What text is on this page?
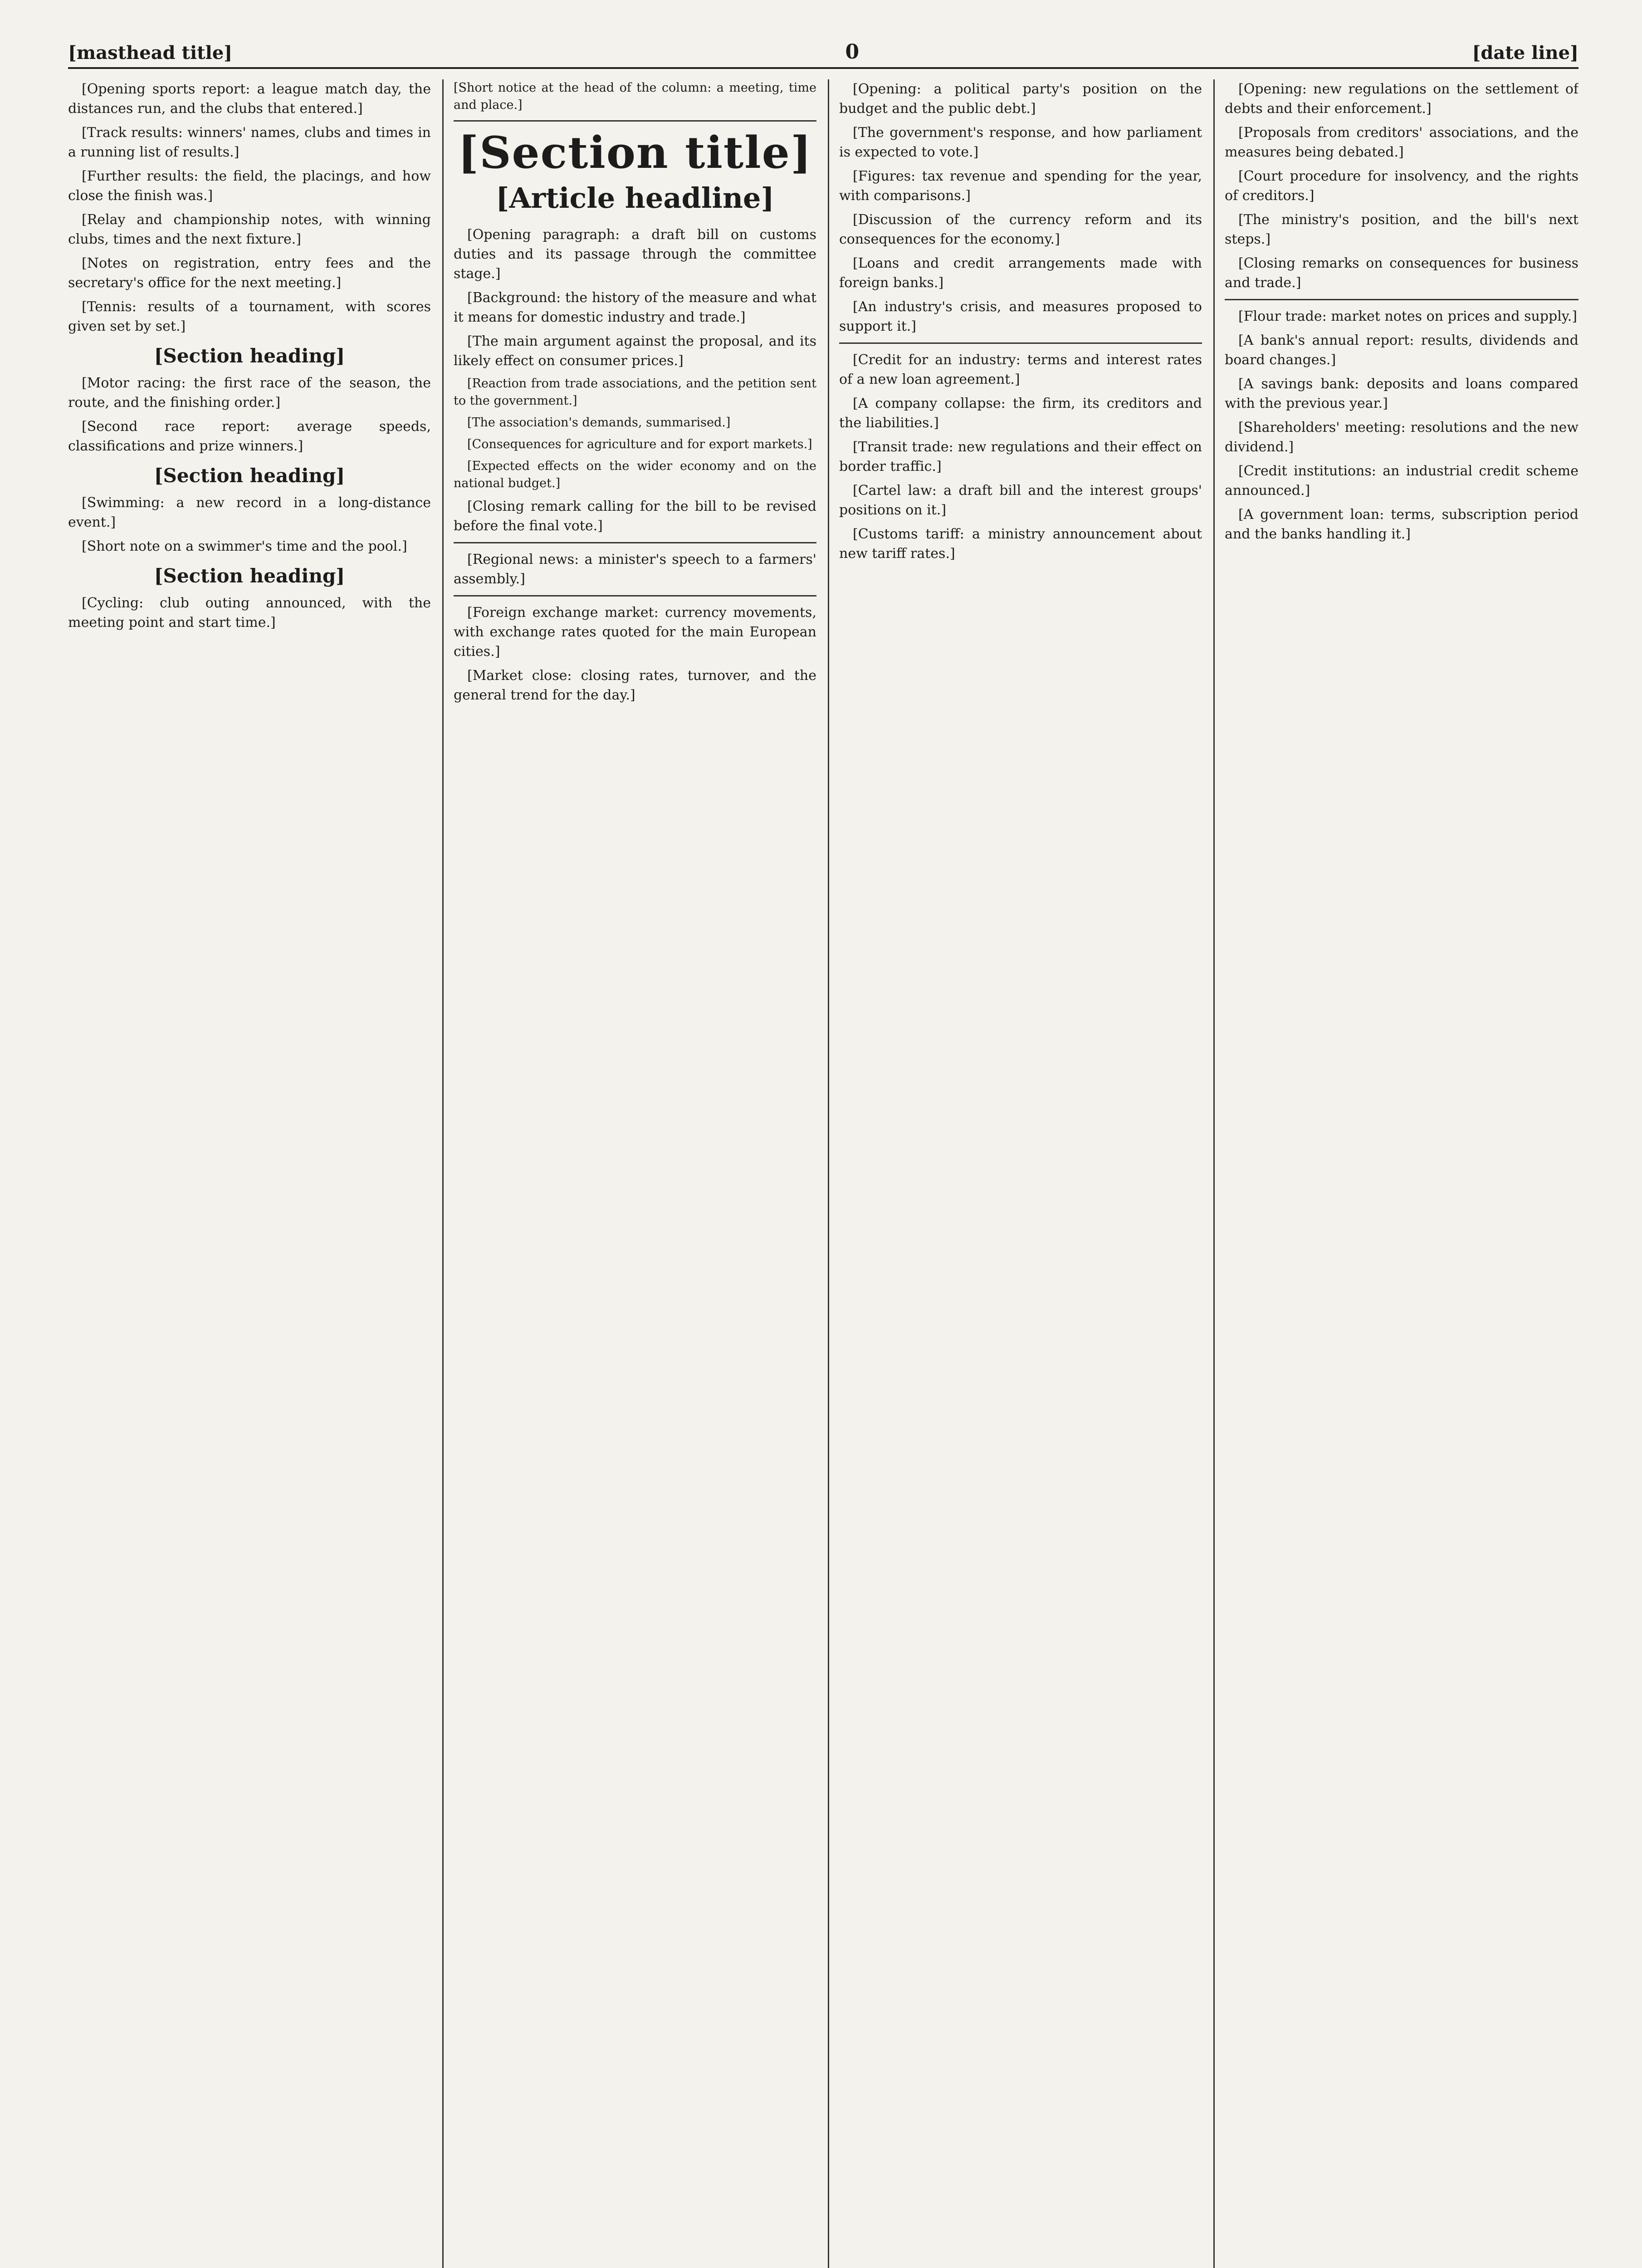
[masthead title]	0	[date line]

[Opening sports report: a league match day, the distances run, and the clubs that entered.]

[Track results: winners' names, clubs and times in a running list of results.]

[Further results: the field, the placings, and how close the finish was.]

[Relay and championship notes, with winning clubs, times and the next fixture.]

[Notes on registration, entry fees and the secretary's office for the next meeting.]

[Tennis: results of a tournament, with scores given set by set.]

[Section heading]

[Motor racing: the first race of the season, the route, and the finishing order.]

[Second race report: average speeds, classifications and prize winners.]

[Section heading]

[Swimming: a new record in a long-distance event.]

[Short note on a swimmer's time and the pool.]

[Section heading]

[Cycling: club outing announced, with the meeting point and start time.]

[Short notice at the head of the column: a meeting, time and place.]

[Section title]
[Article headline]

[Opening paragraph: a draft bill on customs duties and its passage through the committee stage.]

[Background: the history of the measure and what it means for domestic industry and trade.]

[The main argument against the proposal, and its likely effect on consumer prices.]

[Reaction from trade associations, and the petition sent to the government.]

[The association's demands, summarised.]

[Consequences for agriculture and for export markets.]

[Expected effects on the wider economy and on the national budget.]

[Closing remark calling for the bill to be revised before the final vote.]

[Regional news: a minister's speech to a farmers' assembly.]

[Foreign exchange market: currency movements, with exchange rates quoted for the main European cities.]

[Market close: closing rates, turnover, and the general trend for the day.]

[Opening: a political party's position on the budget and the public debt.]

[The government's response, and how parliament is expected to vote.]

[Figures: tax revenue and spending for the year, with comparisons.]

[Discussion of the currency reform and its consequences for the economy.]

[Loans and credit arrangements made with foreign banks.]

[An industry's crisis, and measures proposed to support it.]

[Credit for an industry: terms and interest rates of a new loan agreement.]

[A company collapse: the firm, its creditors and the liabilities.]

[Transit trade: new regulations and their effect on border traffic.]

[Cartel law: a draft bill and the interest groups' positions on it.]

[Customs tariff: a ministry announcement about new tariff rates.]

[Opening: new regulations on the settlement of debts and their enforcement.]

[Proposals from creditors' associations, and the measures being debated.]

[Court procedure for insolvency, and the rights of creditors.]

[The ministry's position, and the bill's next steps.]

[Closing remarks on consequences for business and trade.]

[Flour trade: market notes on prices and supply.]

[A bank's annual report: results, dividends and board changes.]

[A savings bank: deposits and loans compared with the previous year.]

[Shareholders' meeting: resolutions and the new dividend.]

[Credit institutions: an industrial credit scheme announced.]

[A government loan: terms, subscription period and the banks handling it.]
